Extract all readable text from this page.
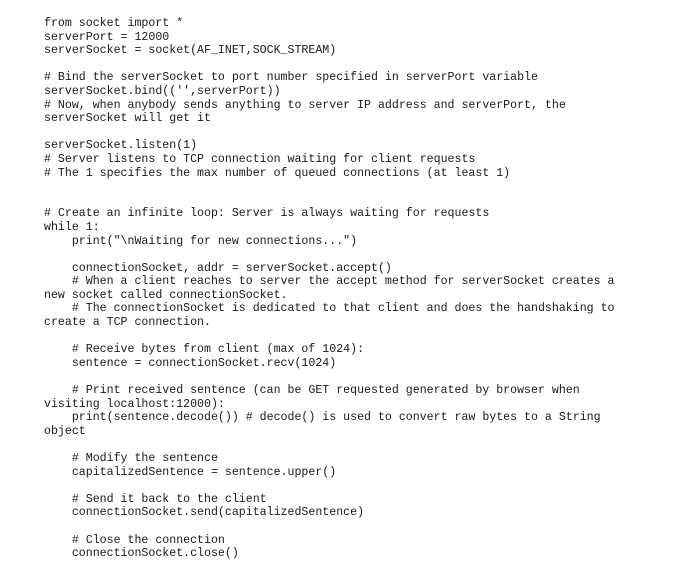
from socket import *
serverPort = 12000
serverSocket = socket(AF_INET,SOCK_STREAM)
# Bind the serverSocket to port number specified in serverPort variable
serverSocket.bind(('',serverPort))
# Now, when anybody sends anything to server IP address and serverPort, the
serverSocket will get it
serverSocket.listen(1)
# Server listens to TCP connection waiting for client requests
# The 1 specifies the max number of queued connections (at least 1)
# Create an infinite loop: Server is always waiting for requests
while 1:
print("\nWaiting for new connections...")
connectionSocket, addr = serverSocket.accept()
# When a client reaches to server the accept method for serverSocket creates a
new socket called connectionSocket.
# The connectionSocket is dedicated to that client and does the handshaking to
create a TCP connection.
# Receive bytes from client (max of 1024):
sentence = connectionSocket.recv(1024)
# Print received sentence (can be GET requested generated by browser when
visiting localhost:12000):
print(sentence.decode()) # decode() is used to convert raw bytes to a String
object
# Modify the sentence
capitalizedSentence = sentence.upper()
# Send it back to the client
connectionSocket.send(capitalizedSentence)
# Close the connection
connectionSocket.close()
